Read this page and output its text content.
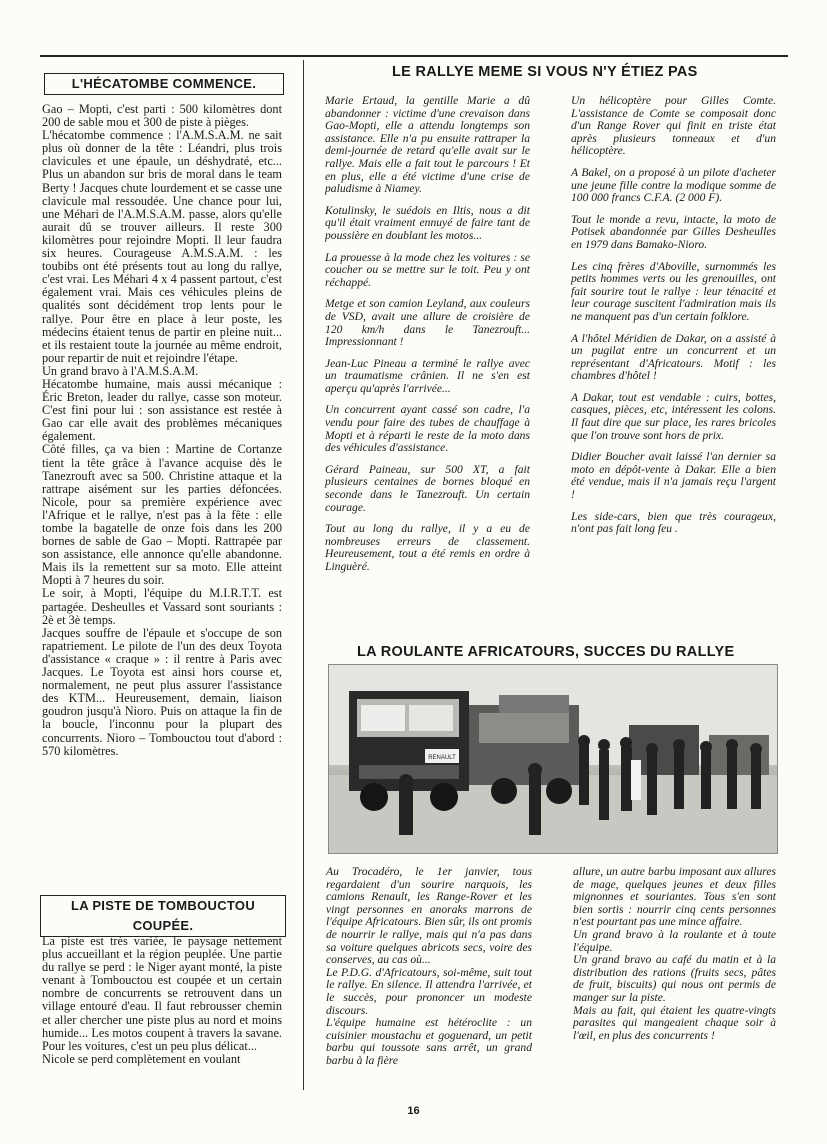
L'HÉCATOMBE COMMENCE.

Gao – Mopti, c'est parti : 500 kilomètres dont 200 de sable mou et 300 de piste à pièges.

L'hécatombe commence : l'A.M.S.A.M. ne sait plus où donner de la tête : Léandri, plus trois clavicules et une épaule, un déshydraté, etc... Plus un abandon sur bris de moral dans le team Berty ! Jacques chute lourdement et se casse une clavicule mal ressoudée. Une chance pour lui, une Méhari de l'A.M.S.A.M. passe, alors qu'elle aurait dû se trouver ailleurs. Il reste 300 kilomètres pour rejoindre Mopti. Il leur faudra six heures. Courageuse A.M.S.A.M. : les toubibs ont été présents tout au long du rallye, c'est vrai. Les Méhari 4 x 4 passent partout, c'est également vrai. Mais ces véhicules pleins de qualités sont décidément trop lents pour le rallye. Pour être en place à leur poste, les médecins étaient tenus de partir en pleine nuit... et ils restaient toute la journée au même endroit, pour repartir de nuit et rejoindre l'étape.

Un grand bravo à l'A.M.S.A.M.

Hécatombe humaine, mais aussi mécanique : Éric Breton, leader du rallye, casse son moteur. C'est fini pour lui : son assistance est restée à Gao car elle avait des problèmes mécaniques également.

Côté filles, ça va bien : Martine de Cortanze tient la tête grâce à l'avance acquise dès le Tanezrouft avec sa 500. Christine attaque et la rattrape aisément sur les parties défoncées. Nicole, pour sa première expérience avec l'Afrique et le rallye, n'est pas à la fête : elle tombe la bagatelle de onze fois dans les 200 bornes de sable de Gao – Mopti. Rattrapée par son assistance, elle annonce qu'elle abandonne. Mais ils la remettent sur sa moto. Elle atteint Mopti à 7 heures du soir.

Le soir, à Mopti, l'équipe du M.I.R.T.T. est partagée. Desheulles et Vassard sont souriants : 2è et 3è temps.

Jacques souffre de l'épaule et s'occupe de son rapatriement. Le pilote de l'un des deux Toyota d'assistance « craque » : il rentre à Paris avec Jacques. Le Toyota est ainsi hors course et, normalement, ne peut plus assurer l'assistance des KTM... Heureusement, demain, liaison goudron jusqu'à Nioro. Puis on attaque la fin de la boucle, l'inconnu pour la plupart des concurrents. Nioro – Tombouctou tout d'abord : 570 kilomètres.

LA PISTE DE TOMBOUCTOU COUPÉE.

La piste est très variée, le paysage nettement plus accueillant et la région peuplée. Une partie du rallye se perd : le Niger ayant monté, la piste venant à Tombouctou est coupée et un certain nombre de concurrents se retrouvent dans un village entouré d'eau. Il faut rebrousser chemin et aller chercher une piste plus au nord et moins humide... Les motos coupent à travers la savane. Pour les voitures, c'est un peu plus délicat...

Nicole se perd complètement en voulant

LE RALLYE MEME SI VOUS N'Y ÉTIEZ PAS

Marie Ertaud, la gentille Marie a dû abandonner : victime d'une crevaison dans Gao-Mopti, elle a attendu longtemps son assistance. Elle n'a pu ensuite rattraper la demi-journée de retard qu'elle avait sur le rallye. Mais elle a fait tout le parcours ! Et en plus, elle a été victime d'une crise de paludisme à Niamey.

Kotulinsky, le suédois en Iltis, nous a dit qu'il était vraiment ennuyé de faire tant de poussière en doublant les motos...

La prouesse à la mode chez les voitures : se coucher ou se mettre sur le toit. Peu y ont réchappé.

Metge et son camion Leyland, aux couleurs de VSD, avait une allure de croisière de 120 km/h dans le Tanezrouft... Impressionnant !

Jean-Luc Pineau a terminé le rallye avec un traumatisme crânien. Il ne s'en est aperçu qu'après l'arrivée...

Un concurrent ayant cassé son cadre, l'a vendu pour faire des tubes de chauffage à Mopti et à réparti le reste de la moto dans des véhicules d'assistance.

Gérard Paineau, sur 500 XT, a fait plusieurs centaines de bornes bloqué en seconde dans le Tanezrouft. Un certain courage.

Tout au long du rallye, il y a eu de nombreuses erreurs de classement. Heureusement, tout a été remis en ordre à Linguèré.

Un hélicoptère pour Gilles Comte. L'assistance de Comte se composait donc d'un Range Rover qui finit en triste état après plusieurs tonneaux et d'un hélicoptère.

A Bakel, on a proposé à un pilote d'acheter une jeune fille contre la modique somme de 100 000 francs C.F.A. (2 000 F).

Tout le monde a revu, intacte, la moto de Potisek abandonnée par Gilles Desheulles en 1979 dans Bamako-Nioro.

Les cinq frères d'Aboville, surnommés les petits hommes verts ou les grenouilles, ont fait sourire tout le rallye : leur ténacité et leur courage suscitent l'admiration mais ils ne manquent pas d'un certain folklore.

A l'hôtel Méridien de Dakar, on a assisté à un pugilat entre un concurrent et un représentant d'Africatours. Motif : les chambres d'hôtel !

A Dakar, tout est vendable : cuirs, bottes, casques, pièces, etc, intéressent les colons. Il faut dire que sur place, les rares bricoles que l'on trouve sont hors de prix.

Didier Boucher avait laissé l'an dernier sa moto en dépôt-vente à Dakar. Elle a bien été vendue, mais il n'a jamais reçu l'argent !

Les side-cars, bien que très courageux, n'ont pas fait long feu .

LA ROULANTE AFRICATOURS, SUCCES DU RALLYE
RENAULT

Au Trocadéro, le 1er janvier, tous regardaient d'un sourire narquois, les camions Renault, les Range-Rover et les vingt personnes en anoraks marrons de l'équipe Africatours. Bien sûr, ils ont promis de nourrir le rallye, mais qui n'a pas dans sa voiture quelques abricots secs, voire des conserves, au cas où...

Le P.D.G. d'Africatours, soi-même, suit tout le rallye. En silence. Il attendra l'arrivée, et le succès, pour prononcer un modeste discours.

L'équipe humaine est hétéroclite : un cuisinier moustachu et goguenard, un petit barbu qui toussote sans arrêt, un grand barbu à la fière

allure, un autre barbu imposant aux allures de mage, quelques jeunes et deux filles mignonnes et souriantes. Tous s'en sont bien sortis : nourrir cinq cents personnes n'est pourtant pas une mince affaire.

Un grand bravo à la roulante et à toute l'équipe.

Un grand bravo au café du matin et à la distribution des rations (fruits secs, pâtes de fruit, biscuits) qui nous ont permis de manger sur la piste.

Mais au fait, qui étaient les quatre-vingts parasites qui mangeaient chaque soir à l'œil, en plus des concurrents !

16
